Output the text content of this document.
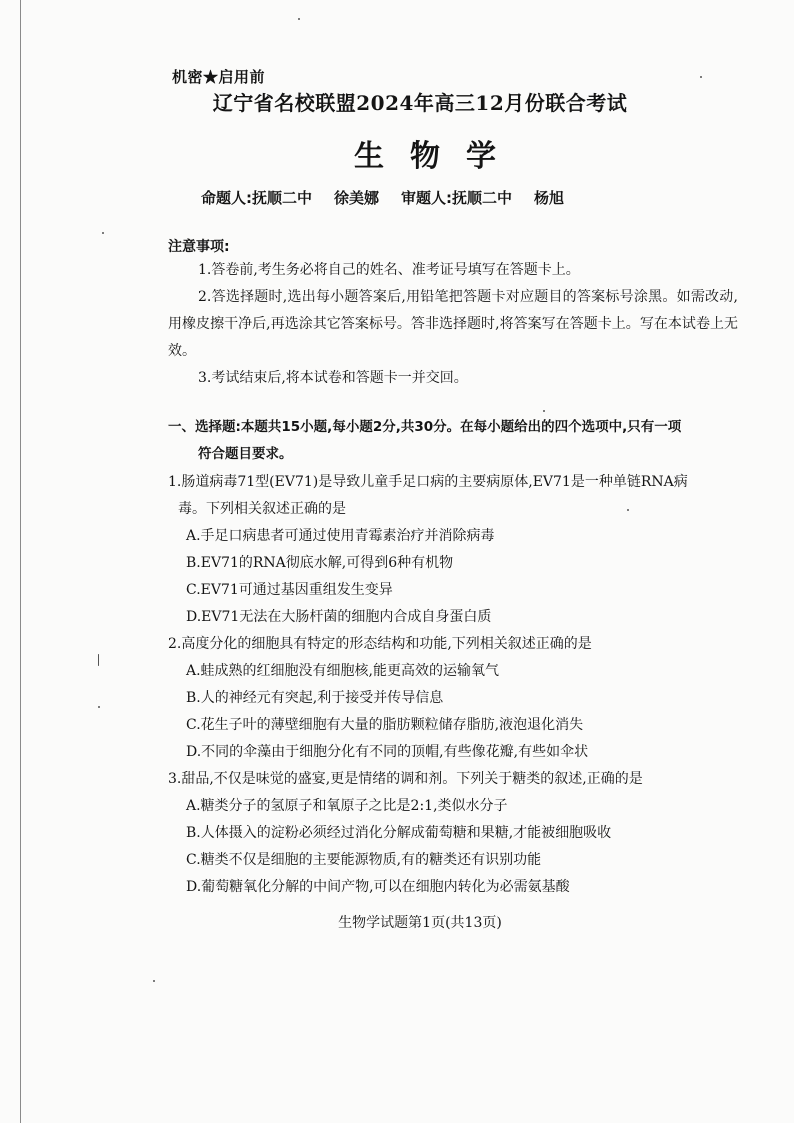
机密★启用前
辽宁省名校联盟2024年高三12月份联合考试
生物学
命题人:抚顺二中 徐美娜 审题人:抚顺二中 杨旭
注意事项:

1.答卷前,考生务必将自己的姓名、准考证号填写在答题卡上。

2.答选择题时,选出每小题答案后,用铅笔把答题卡对应题目的答案标号涂黑。如需改动,用橡皮擦干净后,再选涂其它答案标号。答非选择题时,将答案写在答题卡上。写在本试卷上无效。

3.考试结束后,将本试卷和答题卡一并交回。

一、选择题:本题共15小题,每小题2分,共30分。在每小题给出的四个选项中,只有一项
符合题目要求。

1.肠道病毒71型(EV71)是导致儿童手足口病的主要病原体,EV71是一种单链RNA病
毒。下列相关叙述正确的是

A.手足口病患者可通过使用青霉素治疗并消除病毒

B.EV71的RNA彻底水解,可得到6种有机物

C.EV71可通过基因重组发生变异

D.EV71无法在大肠杆菌的细胞内合成自身蛋白质

2.高度分化的细胞具有特定的形态结构和功能,下列相关叙述正确的是

A.蛙成熟的红细胞没有细胞核,能更高效的运输氧气

B.人的神经元有突起,利于接受并传导信息

C.花生子叶的薄壁细胞有大量的脂肪颗粒储存脂肪,液泡退化消失

D.不同的伞藻由于细胞分化有不同的顶帽,有些像花瓣,有些如伞状

3.甜品,不仅是味觉的盛宴,更是情绪的调和剂。下列关于糖类的叙述,正确的是

A.糖类分子的氢原子和氧原子之比是2:1,类似水分子

B.人体摄入的淀粉必须经过消化分解成葡萄糖和果糖,才能被细胞吸收

C.糖类不仅是细胞的主要能源物质,有的糖类还有识别功能

D.葡萄糖氧化分解的中间产物,可以在细胞内转化为必需氨基酸

生物学试题第1页(共13页)
